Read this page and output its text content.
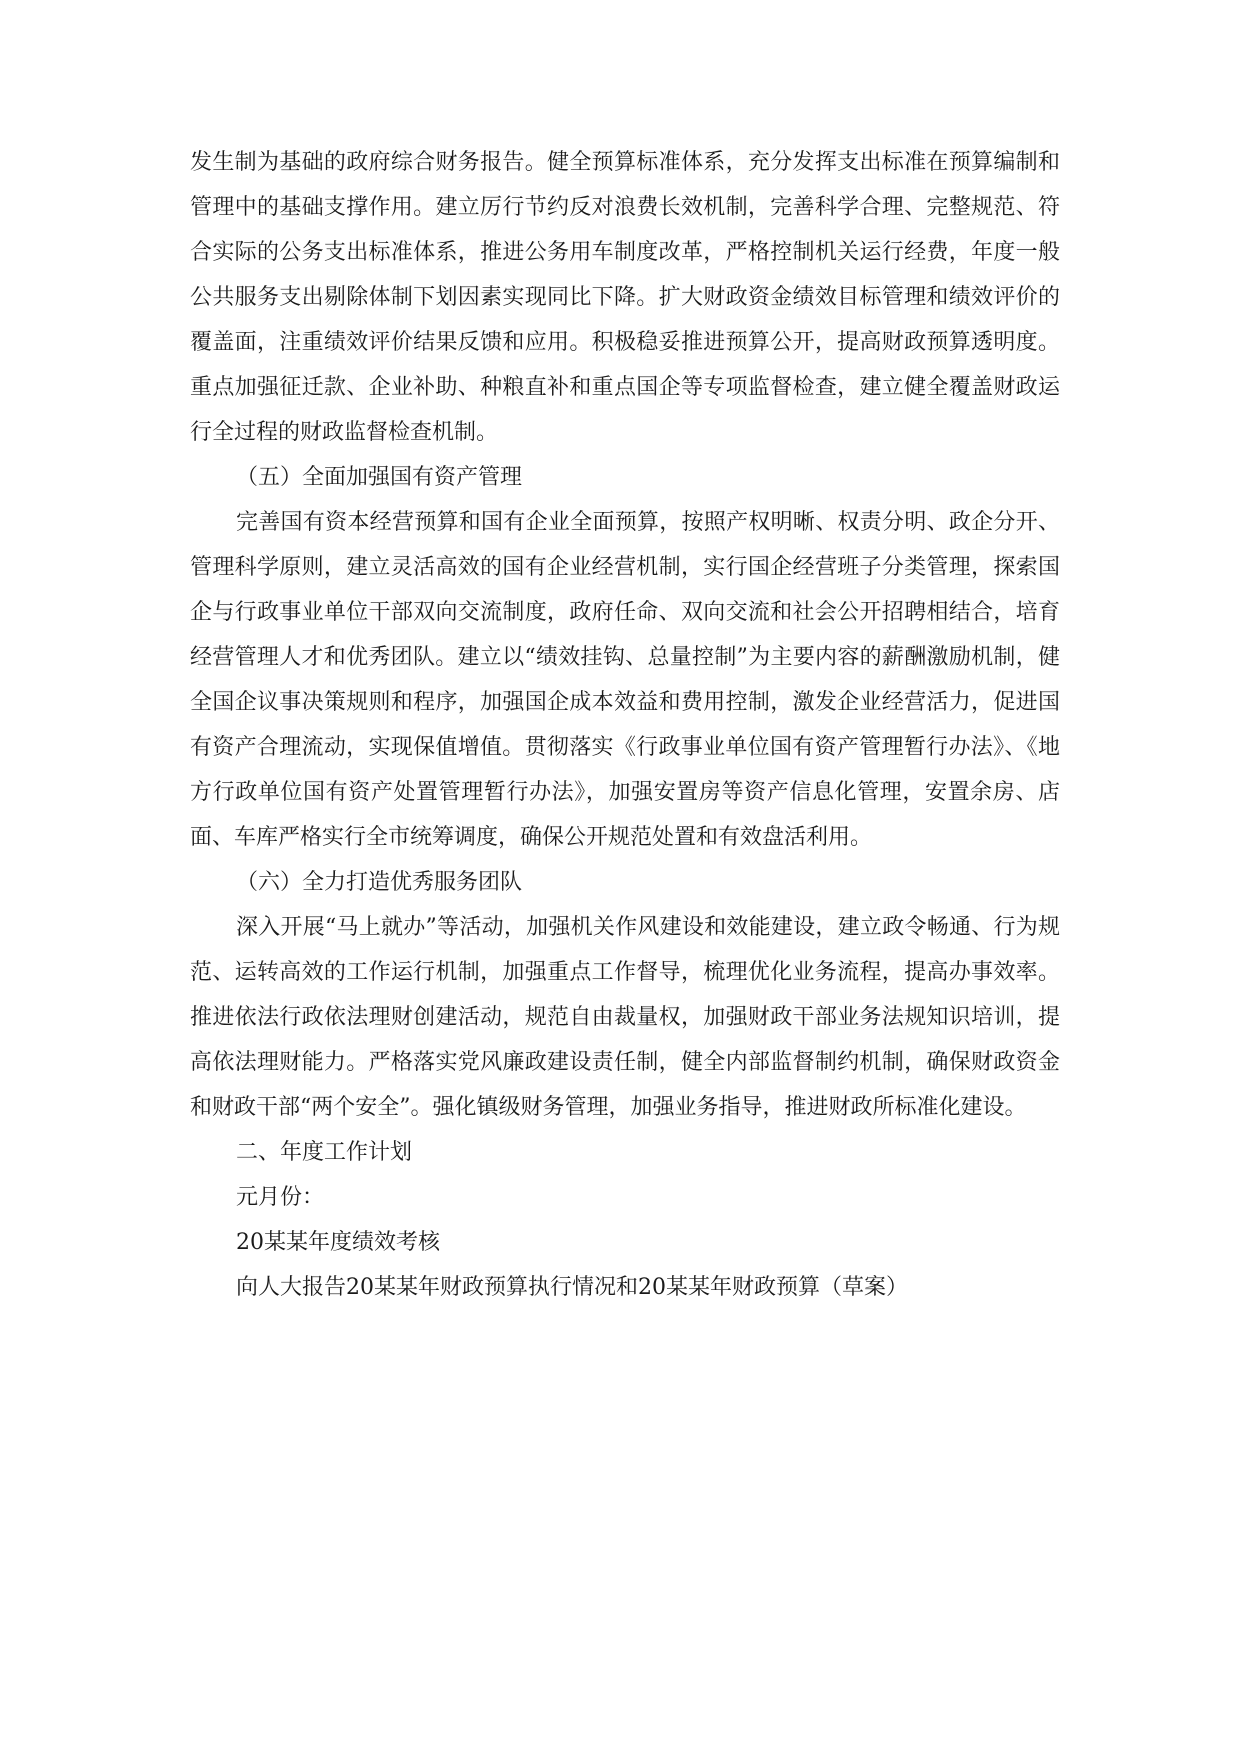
发生制为基础的政府综合财务报告。健全预算标准体系，充分发挥支出标准在预算编制和管理中的基础支撑作用。建立厉行节约反对浪费长效机制，完善科学合理、完整规范、符合实际的公务支出标准体系，推进公务用车制度改革，严格控制机关运行经费，年度一般公共服务支出剔除体制下划因素实现同比下降。扩大财政资金绩效目标管理和绩效评价的覆盖面，注重绩效评价结果反馈和应用。积极稳妥推进预算公开，提高财政预算透明度。重点加强征迁款、企业补助、种粮直补和重点国企等专项监督检查，建立健全覆盖财政运行全过程的财政监督检查机制。

（五）全面加强国有资产管理

完善国有资本经营预算和国有企业全面预算，按照产权明晰、权责分明、政企分开、管理科学原则，建立灵活高效的国有企业经营机制，实行国企经营班子分类管理，探索国企与行政事业单位干部双向交流制度，政府任命、双向交流和社会公开招聘相结合，培育经营管理人才和优秀团队。建立以“绩效挂钩、总量控制”为主要内容的薪酬激励机制，健全国企议事决策规则和程序，加强国企成本效益和费用控制，激发企业经营活力，促进国有资产合理流动，实现保值增值。贯彻落实《行政事业单位国有资产管理暂行办法》、《地方行政单位国有资产处置管理暂行办法》，加强安置房等资产信息化管理，安置余房、店面、车库严格实行全市统筹调度，确保公开规范处置和有效盘活利用。

（六）全力打造优秀服务团队

深入开展“马上就办”等活动，加强机关作风建设和效能建设，建立政令畅通、行为规范、运转高效的工作运行机制，加强重点工作督导，梳理优化业务流程，提高办事效率。推进依法行政依法理财创建活动，规范自由裁量权，加强财政干部业务法规知识培训，提高依法理财能力。严格落实党风廉政建设责任制，健全内部监督制约机制，确保财政资金和财政干部“两个安全”。强化镇级财务管理，加强业务指导，推进财政所标准化建设。

二、年度工作计划

元月份：

20某某年度绩效考核

向人大报告20某某年财政预算执行情况和20某某年财政预算（草案）
